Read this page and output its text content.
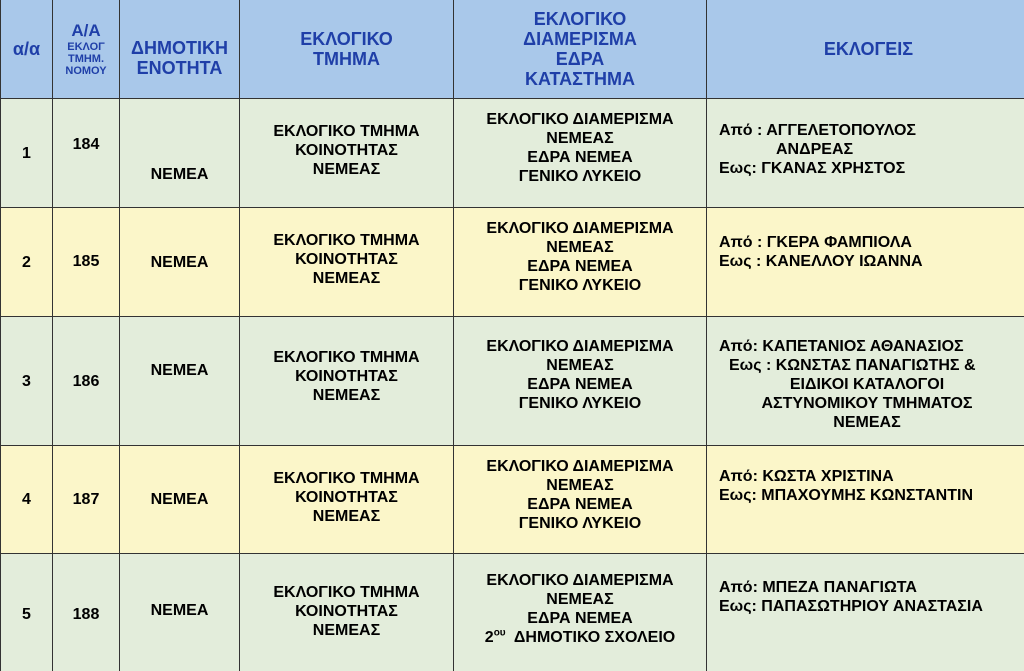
α/α	Α/Α
ΕΚΛΟΓ
ΤΜΗΜ.
ΝΟΜΟΥ	ΔΗΜΟΤΙΚΗ
ΕΝΟΤΗΤΑ	ΕΚΛΟΓΙΚΟ
ΤΜΗΜΑ	ΕΚΛΟΓΙΚΟ
ΔΙΑΜΕΡΙΣΜΑ
ΕΔΡΑ
ΚΑΤΑΣΤΗΜΑ	ΕΚΛΟΓΕΙΣ

1	184	ΝΕΜΕΑ	ΕΚΛΟΓΙΚΟ ΤΜΗΜΑ
ΚΟΙΝΟΤΗΤΑΣ
ΝΕΜΕΑΣ	ΕΚΛΟΓΙΚΟ ΔΙΑΜΕΡΙΣΜΑ
ΝΕΜΕΑΣ
ΕΔΡΑ ΝΕΜΕΑ
ΓΕΝΙΚΟ ΛΥΚΕΙΟ	Από : ΑΓΓΕΛΕΤΟΠΟΥΛΟΣ
ΑΝΔΡΕΑΣ
Εως: ΓΚΑΝΑΣ ΧΡΗΣΤΟΣ

2	185	ΝΕΜΕΑ	ΕΚΛΟΓΙΚΟ ΤΜΗΜΑ
ΚΟΙΝΟΤΗΤΑΣ
ΝΕΜΕΑΣ	ΕΚΛΟΓΙΚΟ ΔΙΑΜΕΡΙΣΜΑ
ΝΕΜΕΑΣ
ΕΔΡΑ ΝΕΜΕΑ
ΓΕΝΙΚΟ ΛΥΚΕΙΟ	Από : ΓΚΕΡΑ ΦΑΜΠΙΟΛΑ
Εως : ΚΑΝΕΛΛΟΥ ΙΩΑΝΝΑ

3	186	ΝΕΜΕΑ	ΕΚΛΟΓΙΚΟ ΤΜΗΜΑ
ΚΟΙΝΟΤΗΤΑΣ
ΝΕΜΕΑΣ	ΕΚΛΟΓΙΚΟ ΔΙΑΜΕΡΙΣΜΑ
ΝΕΜΕΑΣ
ΕΔΡΑ ΝΕΜΕΑ
ΓΕΝΙΚΟ ΛΥΚΕΙΟ	Από: ΚΑΠΕΤΑΝΙΟΣ ΑΘΑΝΑΣΙΟΣ
Εως : ΚΩΝΣΤΑΣ ΠΑΝΑΓΙΩΤΗΣ &
ΕΙΔΙΚΟΙ ΚΑΤΑΛΟΓΟΙ
ΑΣΤΥΝΟΜΙΚΟΥ ΤΜΗΜΑΤΟΣ
ΝΕΜΕΑΣ

4	187	ΝΕΜΕΑ	ΕΚΛΟΓΙΚΟ ΤΜΗΜΑ
ΚΟΙΝΟΤΗΤΑΣ
ΝΕΜΕΑΣ	ΕΚΛΟΓΙΚΟ ΔΙΑΜΕΡΙΣΜΑ
ΝΕΜΕΑΣ
ΕΔΡΑ ΝΕΜΕΑ
ΓΕΝΙΚΟ ΛΥΚΕΙΟ	Από: ΚΩΣΤΑ ΧΡΙΣΤΙΝΑ
Εως: ΜΠΑΧΟΥΜΗΣ ΚΩΝΣΤΑΝΤΙΝ

5	188	ΝΕΜΕΑ	ΕΚΛΟΓΙΚΟ ΤΜΗΜΑ
ΚΟΙΝΟΤΗΤΑΣ
ΝΕΜΕΑΣ	ΕΚΛΟΓΙΚΟ ΔΙΑΜΕΡΙΣΜΑ
ΝΕΜΕΑΣ
ΕΔΡΑ ΝΕΜΕΑ
$2^{o\upsilon}$ ΔΗΜΟΤΙΚΟ ΣΧΟΛΕΙΟ	Από: ΜΠΕΖΑ ΠΑΝΑΓΙΩΤΑ
Εως: ΠΑΠΑΣΩΤΗΡΙΟΥ ΑΝΑΣΤΑΣΙΑ
